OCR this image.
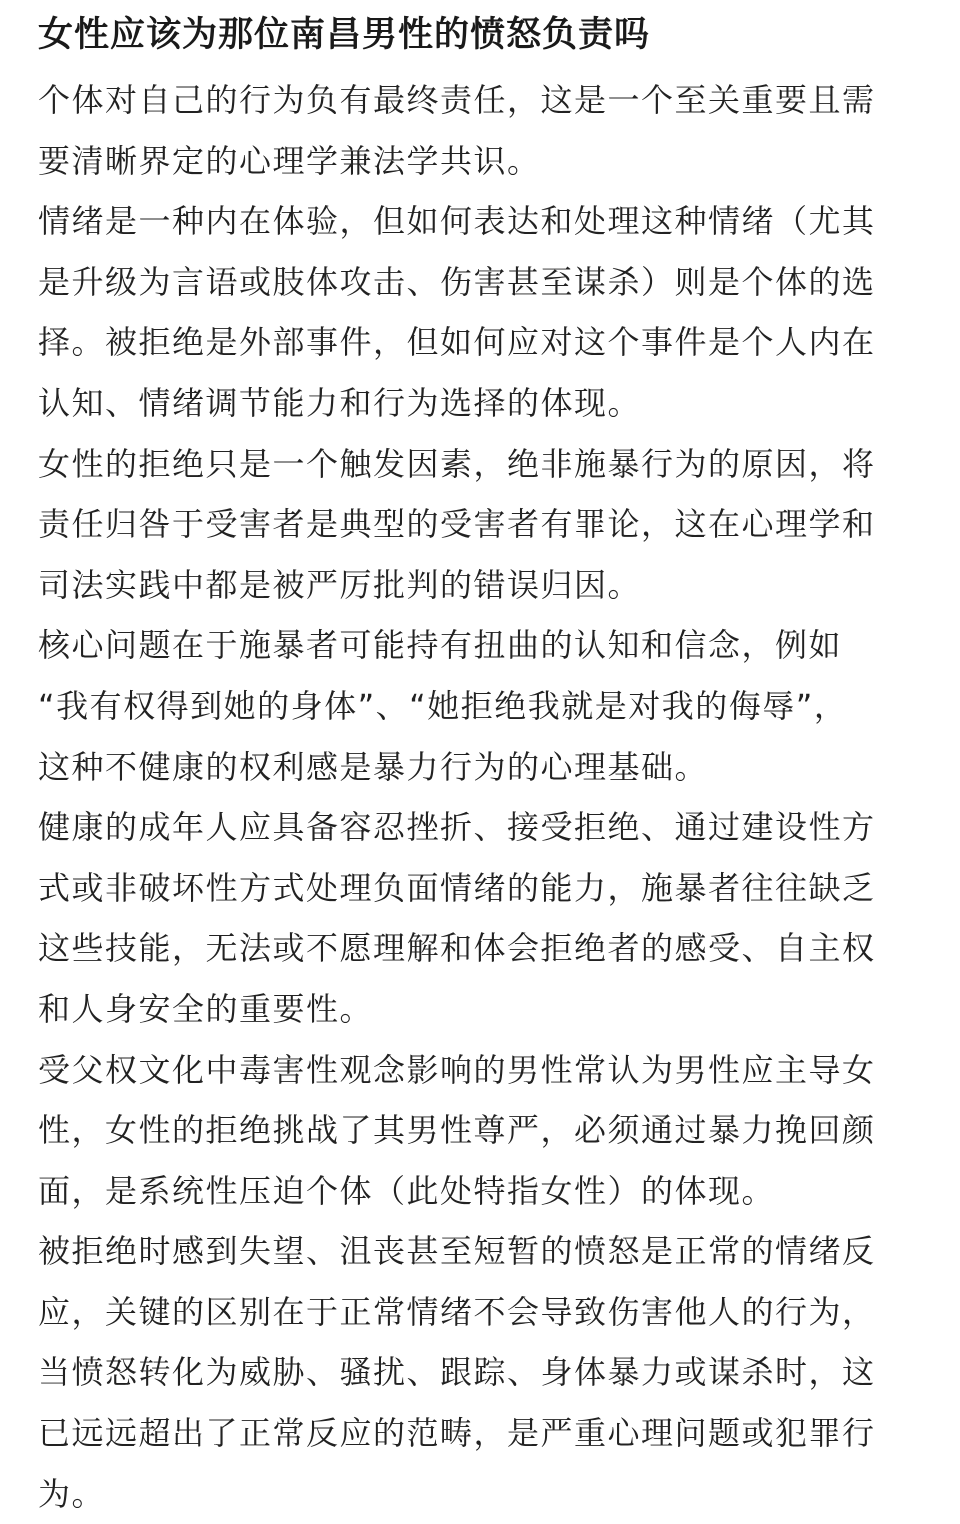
女性应该为那位南昌男性的愤怒负责吗

个体对自己的行为负有最终责任，这是一个至关重要且需
要清晰界定的心理学兼法学共识。

情绪是一种内在体验，但如何表达和处理这种情绪（尤其
是升级为言语或肢体攻击、伤害甚至谋杀）则是个体的选
择。被拒绝是外部事件，但如何应对这个事件是个人内在
认知、情绪调节能力和行为选择的体现。

女性的拒绝只是一个触发因素，绝非施暴行为的原因，将
责任归咎于受害者是典型的受害者有罪论，这在心理学和
司法实践中都是被严厉批判的错误归因。

核心问题在于施暴者可能持有扭曲的认知和信念，例如
“我有权得到她的身体”、“她拒绝我就是对我的侮辱”，
这种不健康的权利感是暴力行为的心理基础。

健康的成年人应具备容忍挫折、接受拒绝、通过建设性方
式或非破坏性方式处理负面情绪的能力，施暴者往往缺乏
这些技能，无法或不愿理解和体会拒绝者的感受、自主权
和人身安全的重要性。

受父权文化中毒害性观念影响的男性常认为男性应主导女
性，女性的拒绝挑战了其男性尊严，必须通过暴力挽回颜
面，是系统性压迫个体（此处特指女性）的体现。

被拒绝时感到失望、沮丧甚至短暂的愤怒是正常的情绪反
应，关键的区别在于正常情绪不会导致伤害他人的行为，
当愤怒转化为威胁、骚扰、跟踪、身体暴力或谋杀时，这
已远远超出了正常反应的范畴，是严重心理问题或犯罪行
为。
